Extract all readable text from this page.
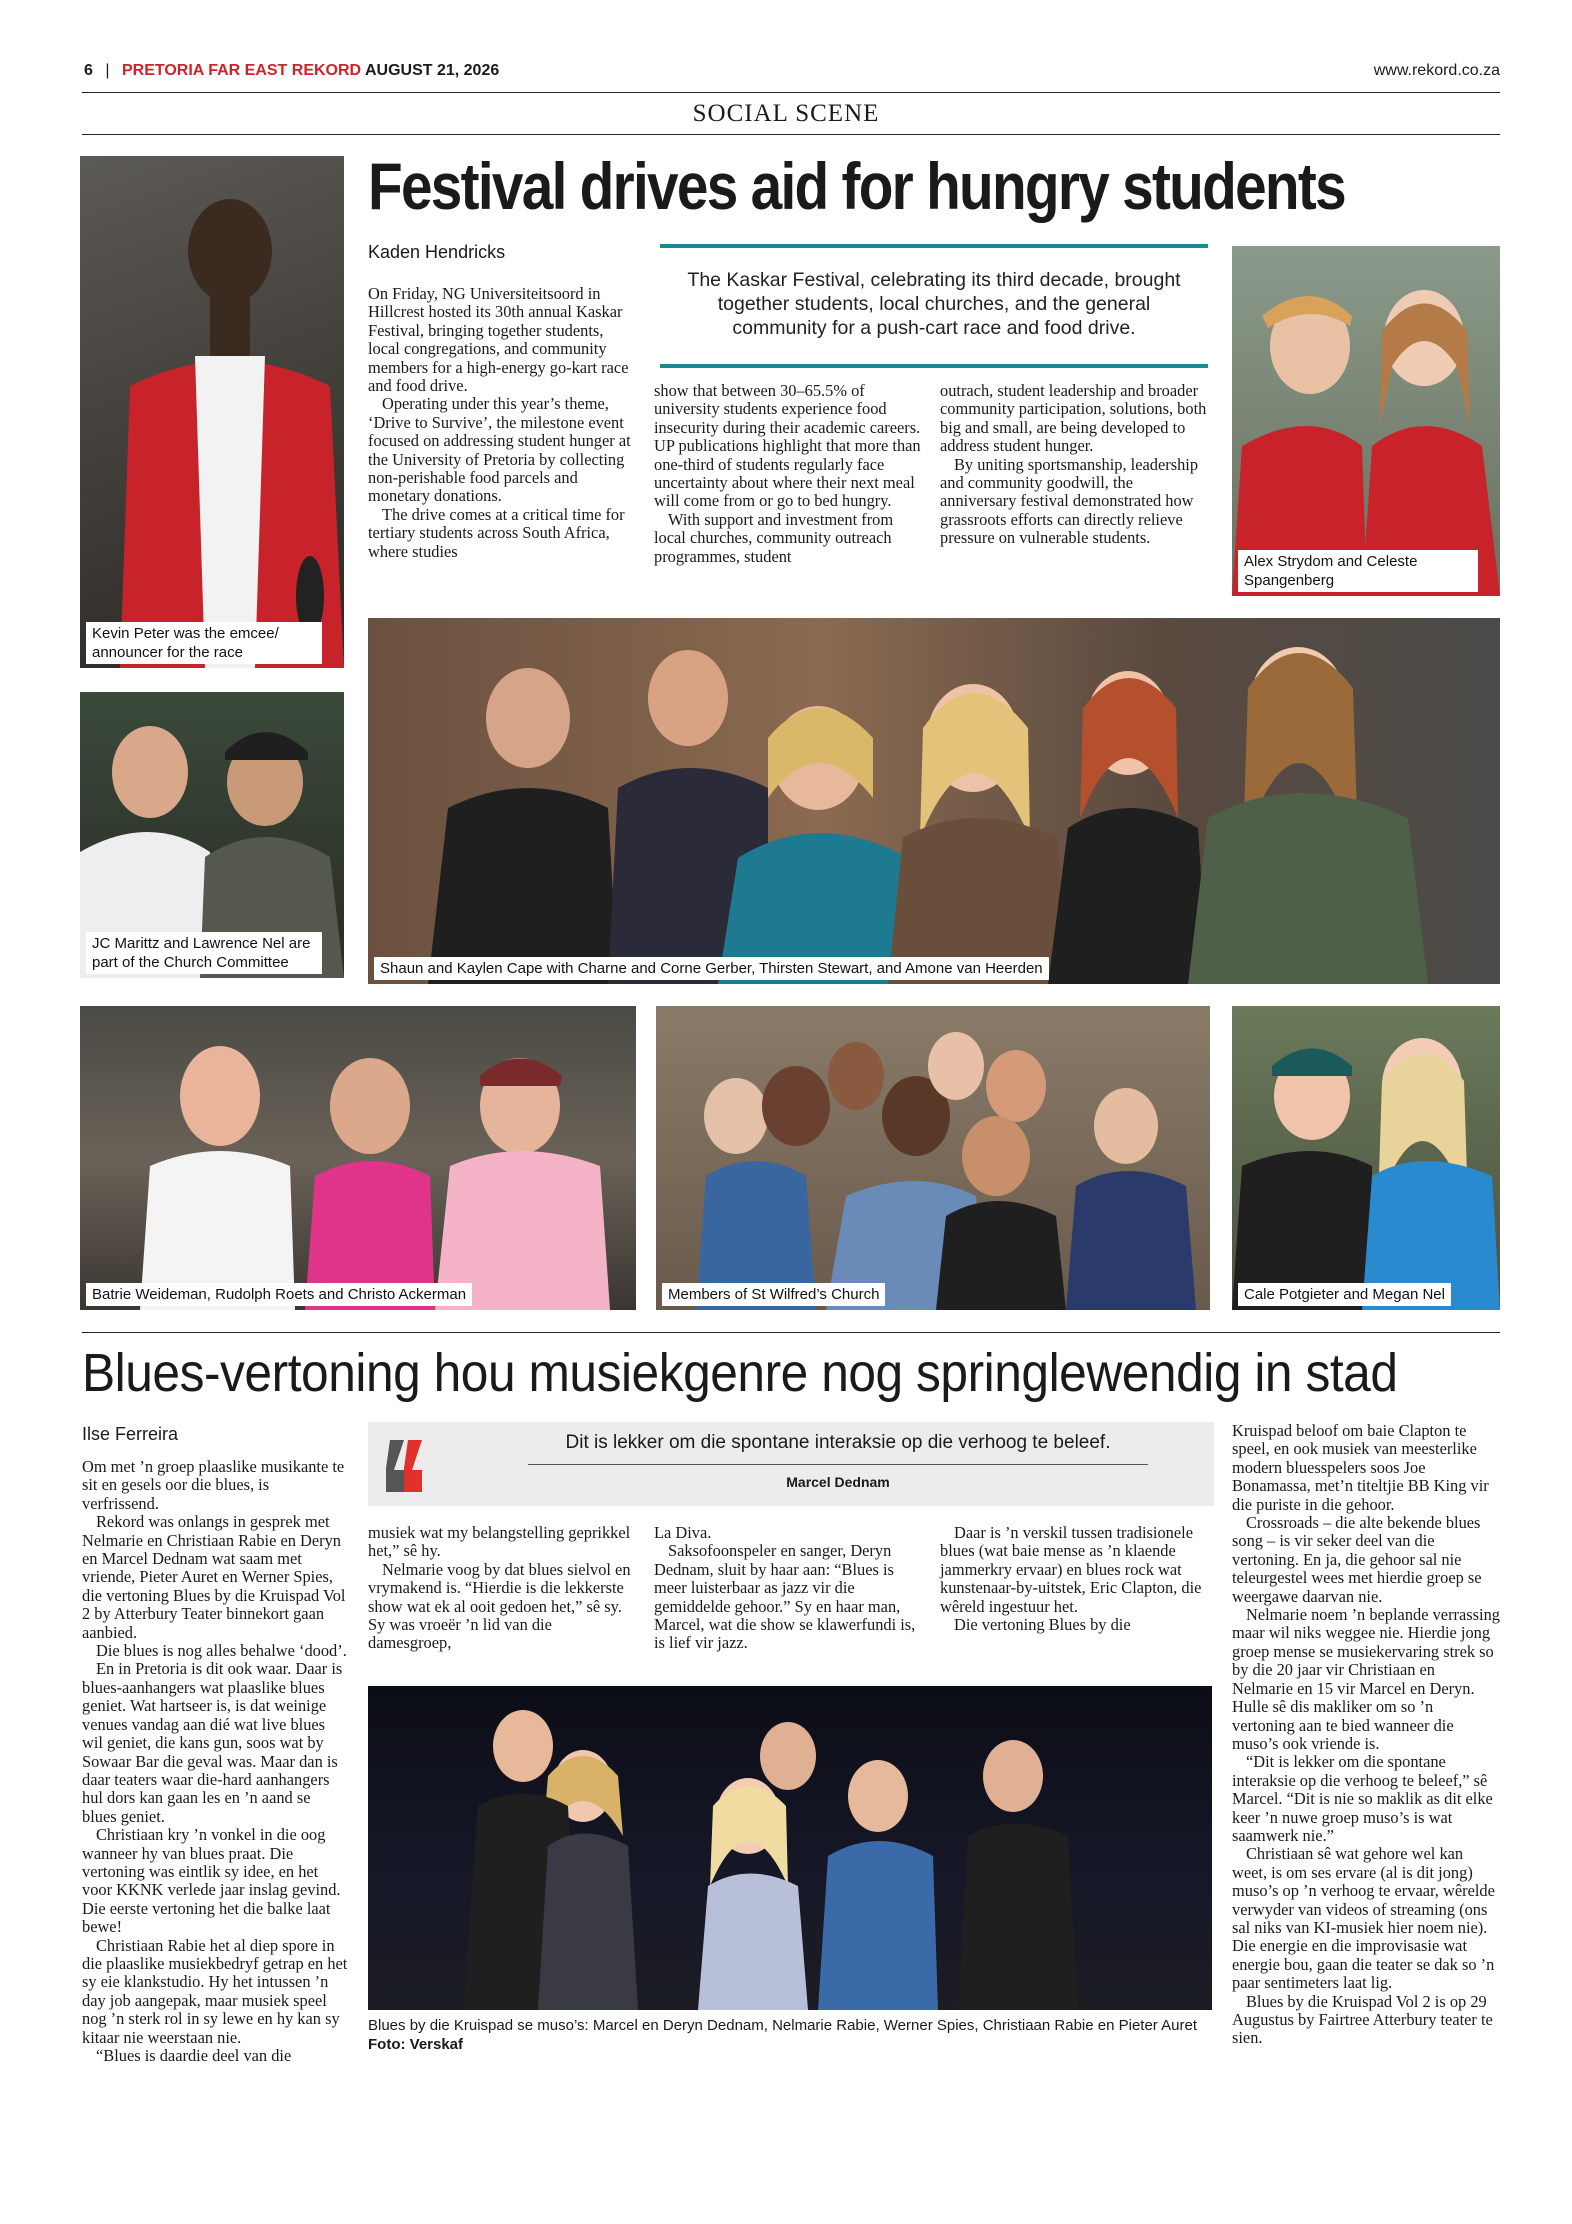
6 | PRETORIA FAR EAST REKORD AUGUST 21, 2026	www.rekord.co.za
SOCIAL SCENE
Festival drives aid for hungry students
Kaden Hendricks
The Kaskar Festival, celebrating its third decade, brought together students, local churches, and the general community for a push-cart race and food drive.

On Friday, NG Universiteitsoord in Hillcrest hosted its 30th annual Kaskar Festival, bringing together students, local congregations, and community members for a high-energy go-kart race and food drive.

Operating under this year’s theme, ‘Drive to Survive’, the milestone event focused on addressing student hunger at the University of Pretoria by collecting non-perishable food parcels and monetary donations.

The drive comes at a critical time for tertiary students across South Africa, where studies

show that between 30–65.5% of university students experience food insecurity during their academic careers. UP publications highlight that more than one-third of students regularly face uncertainty about where their next meal will come from or go to bed hungry.

With support and investment from local churches, community outreach programmes, student

outrach, student leadership and broader community participation, solutions, both big and small, are being developed to address student hunger.

By uniting sportsmanship, leadership and community goodwill, the anniversary festival demonstrated how grassroots efforts can directly relieve pressure on vulnerable students.

Kevin Peter was the emcee/ announcer for the race
Alex Strydom and Celeste Spangenberg
JC Marittz and Lawrence Nel are part of the Church Committee	Shaun and Kaylen Cape with Charne and Corne Gerber, Thirsten Stewart, and Amone van Heerden
Batrie Weideman, Rudolph Roets and Christo Ackerman	Members of St Wilfred’s Church	Cale Potgieter and Megan Nel
Blues-vertoning hou musiekgenre nog springlewendig in stad
Ilse Ferreira	Dit is lekker om die spontane interaksie op die verhoog te beleef.
Marcel Dednam

Om met ’n groep plaaslike musikante te sit en gesels oor die blues, is verfrissend.

Rekord was onlangs in gesprek met Nelmarie en Christiaan Rabie en Deryn en Marcel Dednam wat saam met vriende, Pieter Auret en Werner Spies, die vertoning Blues by die Kruispad Vol 2 by Atterbury Teater binnekort gaan aanbied.

Die blues is nog alles behalwe ‘dood’.

En in Pretoria is dit ook waar. Daar is blues-aanhangers wat plaaslike blues geniet. Wat hartseer is, is dat weinige venues vandag aan dié wat live blues wil geniet, die kans gun, soos wat by Sowaar Bar die geval was. Maar dan is daar teaters waar die-hard aanhangers hul dors kan gaan les en ’n aand se blues geniet.

Christiaan kry ’n vonkel in die oog wanneer hy van blues praat. Die vertoning was eintlik sy idee, en het voor KKNK verlede jaar inslag gevind. Die eerste vertoning het die balke laat bewe!

Christiaan Rabie het al diep spore in die plaaslike musiekbedryf getrap en het sy eie klankstudio. Hy het intussen ’n day job aangepak, maar musiek speel nog ’n sterk rol in sy lewe en hy kan sy kitaar nie weerstaan nie.

“Blues is daardie deel van die

musiek wat my belangstelling geprikkel het,” sê hy.

Nelmarie voog by dat blues sielvol en vrymakend is. “Hierdie is die lekkerste show wat ek al ooit gedoen het,” sê sy. Sy was vroeër ’n lid van die damesgroep,

La Diva.

Saksofoonspeler en sanger, Deryn Dednam, sluit by haar aan: “Blues is meer luisterbaar as jazz vir die gemiddelde gehoor.” Sy en haar man, Marcel, wat die show se klawerfundi is, is lief vir jazz.

Daar is ’n verskil tussen tradisionele blues (wat baie mense as ’n klaende jammerkry ervaar) en blues rock wat kunstenaar-by-uitstek, Eric Clapton, die wêreld ingestuur het.

Die vertoning Blues by die

Kruispad beloof om baie Clapton te speel, en ook musiek van meesterlike modern bluesspelers soos Joe Bonamassa, met’n titeltjie BB King vir die puriste in die gehoor.

Crossroads – die alte bekende blues song – is vir seker deel van die vertoning. En ja, die gehoor sal nie teleurgestel wees met hierdie groep se weergawe daarvan nie.

Nelmarie noem ’n beplande verrassing maar wil niks weggee nie. Hierdie jong groep mense se musiekervaring strek so by die 20 jaar vir Christiaan en Nelmarie en 15 vir Marcel en Deryn. Hulle sê dis makliker om so ’n vertoning aan te bied wanneer die muso’s ook vriende is.

“Dit is lekker om die spontane interaksie op die verhoog te beleef,” sê Marcel. “Dit is nie so maklik as dit elke keer ’n nuwe groep muso’s is wat saamwerk nie.”

Christiaan sê wat gehore wel kan weet, is om ses ervare (al is dit jong) muso’s op ’n verhoog te ervaar, wêrelde verwyder van videos of streaming (ons sal niks van KI-musiek hier noem nie). Die energie en die improvisasie wat energie bou, gaan die teater se dak so ’n paar sentimeters laat lig.

Blues by die Kruispad Vol 2 is op 29 Augustus by Fairtree Atterbury teater te sien.

Blues by die Kruispad se muso’s: Marcel en Deryn Dednam, Nelmarie Rabie, Werner Spies, Christiaan Rabie en Pieter Auret Foto: Verskaf
